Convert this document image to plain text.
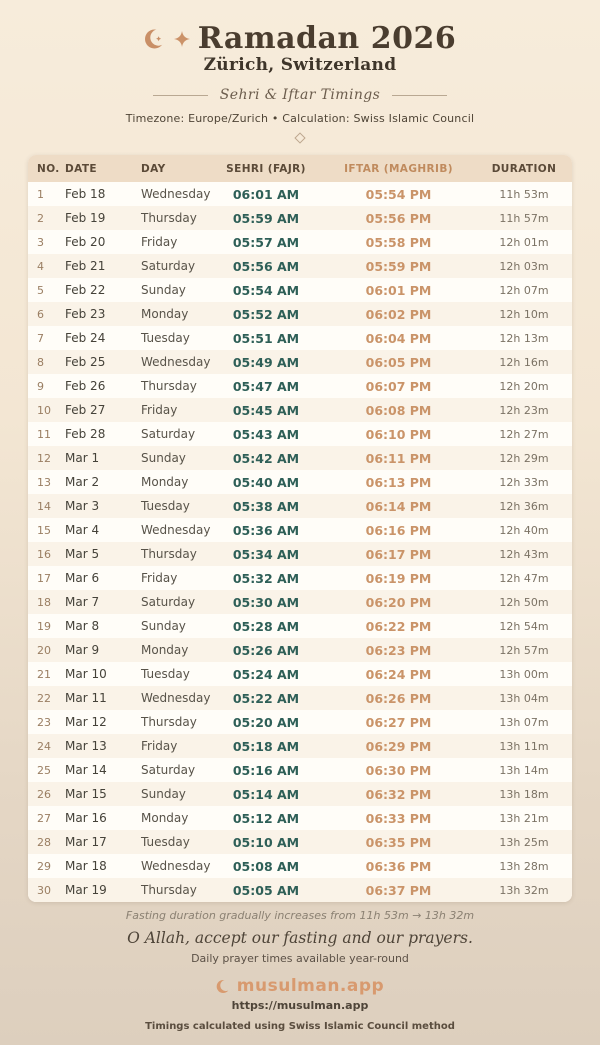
Ramadan 2026
Zürich, Switzerland
Sehri & Iftar Timings
Timezone: Europe/Zurich • Calculation: Swiss Islamic Council
NO. DATE	DAY	SEHRI (FAJR)	IFTAR (MAGHRIB)	DURATION
1	Feb 18	Wednesday	06:01 AM	05:54 PM	11h 53m
2	Feb 19	Thursday	05:59 AM	05:56 PM	11h 57m
3	Feb 20	Friday	05:57 AM	05:58 PM	12h 01m
4	Feb 21	Saturday	05:56 AM	05:59 PM	12h 03m
5	Feb 22	Sunday	05:54 AM	06:01 PM	12h 07m
6	Feb 23	Monday	05:52 AM	06:02 PM	12h 10m
7	Feb 24	Tuesday	05:51 AM	06:04 PM	12h 13m
8	Feb 25	Wednesday	05:49 AM	06:05 PM	12h 16m
9	Feb 26	Thursday	05:47 AM	06:07 PM	12h 20m
10	Feb 27	Friday	05:45 AM	06:08 PM	12h 23m
11	Feb 28	Saturday	05:43 AM	06:10 PM	12h 27m
12	Mar 1	Sunday	05:42 AM	06:11 PM	12h 29m
13	Mar 2	Monday	05:40 AM	06:13 PM	12h 33m
14	Mar 3	Tuesday	05:38 AM	06:14 PM	12h 36m
15	Mar 4	Wednesday	05:36 AM	06:16 PM	12h 40m
16	Mar 5	Thursday	05:34 AM	06:17 PM	12h 43m
17	Mar 6	Friday	05:32 AM	06:19 PM	12h 47m
18	Mar 7	Saturday	05:30 AM	06:20 PM	12h 50m
19	Mar 8	Sunday	05:28 AM	06:22 PM	12h 54m
20	Mar 9	Monday	05:26 AM	06:23 PM	12h 57m
21	Mar 10	Tuesday	05:24 AM	06:24 PM	13h 00m
22	Mar 11	Wednesday	05:22 AM	06:26 PM	13h 04m
23	Mar 12	Thursday	05:20 AM	06:27 PM	13h 07m
24	Mar 13	Friday	05:18 AM	06:29 PM	13h 11m
25	Mar 14	Saturday	05:16 AM	06:30 PM	13h 14m
26	Mar 15	Sunday	05:14 AM	06:32 PM	13h 18m
27	Mar 16	Monday	05:12 AM	06:33 PM	13h 21m
28	Mar 17	Tuesday	05:10 AM	06:35 PM	13h 25m
29	Mar 18	Wednesday	05:08 AM	06:36 PM	13h 28m
30	Mar 19	Thursday	05:05 AM	06:37 PM	13h 32m
Fasting duration gradually increases from 11h 53m → 13h 32m
O Allah, accept our fasting and our prayers.
Daily prayer times available year-round
musulman.app
https://musulman.app
Timings calculated using Swiss Islamic Council method
